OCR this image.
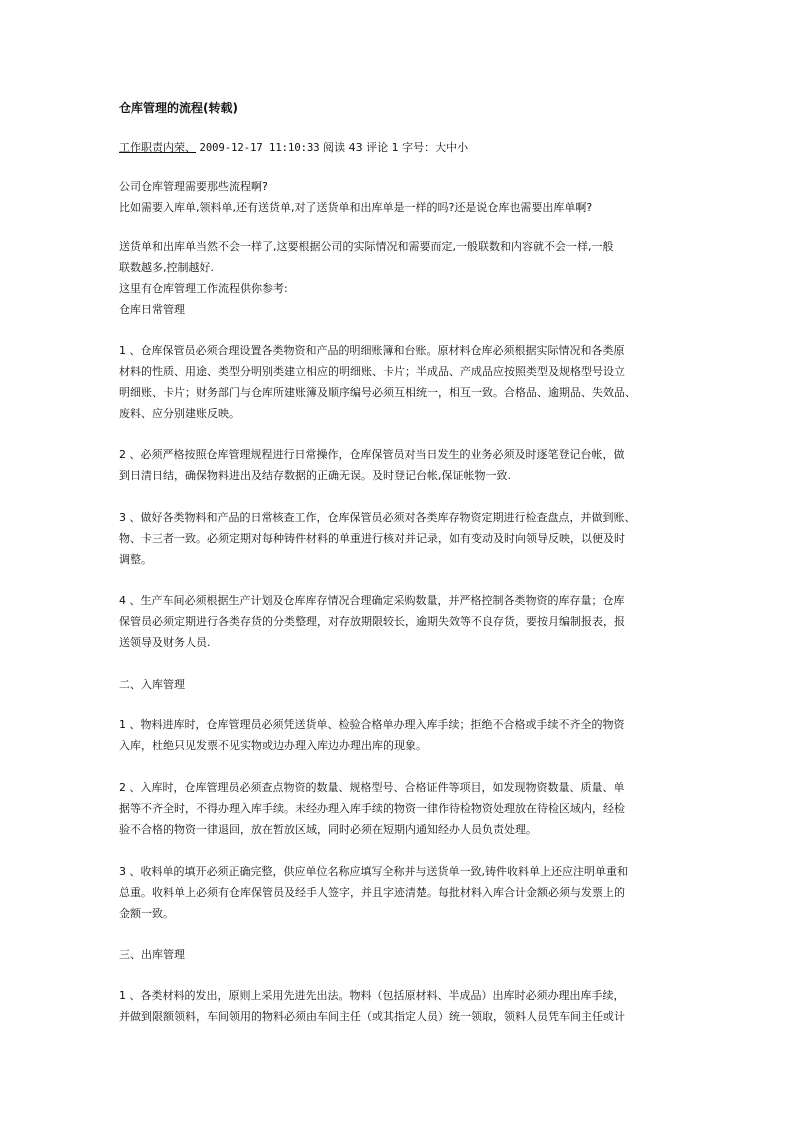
仓库管理的流程(转载)
工作职责内荣、 2009-12-17 11:10:33 阅读 43 评论 1 字号：大中小
公司仓库管理需要那些流程啊?
比如需要入库单,领料单,还有送货单,对了送货单和出库单是一样的吗?还是说仓库也需要出库单啊?
送货单和出库单当然不会一样了,这要根据公司的实际情况和需要而定,一般联数和内容就不会一样,一般
联数越多,控制越好.
这里有仓库管理工作流程供你参考:
仓库日常管理
1 、仓库保管员必须合理设置各类物资和产品的明细账簿和台账。原材料仓库必须根据实际情况和各类原
材料的性质、用途、类型分明别类建立相应的明细账、卡片；半成品、产成品应按照类型及规格型号设立
明细账、卡片；财务部门与仓库所建账簿及顺序编号必须互相统一，相互一致。合格品、逾期品、失效品、
废料、应分别建账反映。
2 、必须严格按照仓库管理规程进行日常操作，仓库保管员对当日发生的业务必须及时逐笔登记台帐，做
到日清日结，确保物料进出及结存数据的正确无误。及时登记台帐,保证帐物一致.
3 、做好各类物料和产品的日常核查工作，仓库保管员必须对各类库存物资定期进行检查盘点，并做到账、
物、卡三者一致。必须定期对每种铸件材料的单重进行核对并记录，如有变动及时向领导反映，以便及时
调整。
4 、生产车间必须根据生产计划及仓库库存情况合理确定采购数量，并严格控制各类物资的库存量；仓库
保管员必须定期进行各类存货的分类整理，对存放期限较长，逾期失效等不良存货，要按月编制报表，报
送领导及财务人员.
二、入库管理
1 、物料进库时，仓库管理员必须凭送货单、检验合格单办理入库手续；拒绝不合格或手续不齐全的物资
入库，杜绝只见发票不见实物或边办理入库边办理出库的现象。
2 、入库时，仓库管理员必须查点物资的数量、规格型号、合格证件等项目，如发现物资数量、质量、单
据等不齐全时，不得办理入库手续。未经办理入库手续的物资一律作待检物资处理放在待检区域内，经检
验不合格的物资一律退回，放在暂放区域，同时必须在短期内通知经办人员负责处理。
3 、收料单的填开必须正确完整，供应单位名称应填写全称并与送货单一致,铸件收料单上还应注明单重和
总重。收料单上必须有仓库保管员及经手人签字，并且字迹清楚。每批材料入库合计金额必须与发票上的
金额一致。
三、出库管理
1 、各类材料的发出，原则上采用先进先出法。物料（包括原材料、半成品）出库时必须办理出库手续，
并做到限额领料，车间领用的物料必须由车间主任（或其指定人员）统一领取，领料人员凭车间主任或计
